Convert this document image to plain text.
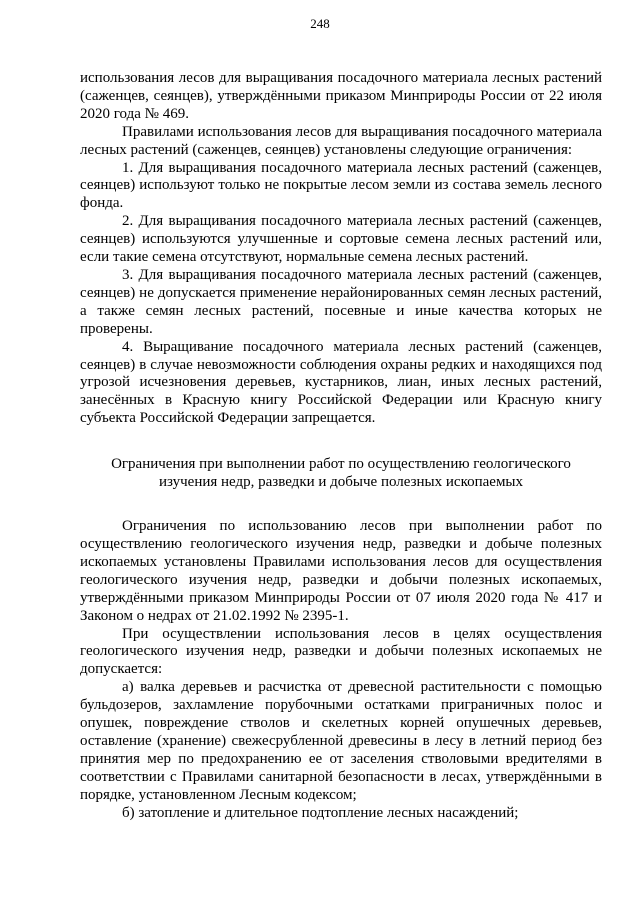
248

использования лесов для выращивания посадочного материала лесных растений (саженцев, сеянцев), утверждёнными приказом Минприроды России от 22 июля 2020 года № 469.

Правилами использования лесов для выращивания посадочного материала лесных растений (саженцев, сеянцев) установлены следующие ограничения:

1. Для выращивания посадочного материала лесных растений (саженцев, сеянцев) используют только не покрытые лесом земли из состава земель лесного фонда.

2. Для выращивания посадочного материала лесных растений (саженцев, сеянцев) используются улучшенные и сортовые семена лесных растений или, если такие семена отсутствуют, нормальные семена лесных растений.

3. Для выращивания посадочного материала лесных растений (саженцев, сеянцев) не допускается применение нерайонированных семян лесных растений, а также семян лесных растений, посевные и иные качества которых не проверены.

4. Выращивание посадочного материала лесных растений (саженцев, сеянцев) в случае невозможности соблюдения охраны редких и находящихся под угрозой исчезновения деревьев, кустарников, лиан, иных лесных растений, занесённых в Красную книгу Российской Федерации или Красную книгу субъекта Российской Федерации запрещается.

Ограничения при выполнении работ по осуществлению геологического изучения недр, разведки и добыче полезных ископаемых

Ограничения по использованию лесов при выполнении работ по осуществлению геологического изучения недр, разведки и добыче полезных ископаемых установлены Правилами использования лесов для осуществления геологического изучения недр, разведки и добычи полезных ископаемых, утверждёнными приказом Минприроды России от 07 июля 2020 года № 417 и Законом о недрах от 21.02.1992 № 2395-1.

При осуществлении использования лесов в целях осуществления геологического изучения недр, разведки и добычи полезных ископаемых не допускается:

а) валка деревьев и расчистка от древесной растительности с помощью бульдозеров, захламление порубочными остатками приграничных полос и опушек, повреждение стволов и скелетных корней опушечных деревьев, оставление (хранение) свежесрубленной древесины в лесу в летний период без принятия мер по предохранению ее от заселения стволовыми вредителями в соответствии с Правилами санитарной безопасности в лесах, утверждёнными в порядке, установленном Лесным кодексом;

б) затопление и длительное подтопление лесных насаждений;
